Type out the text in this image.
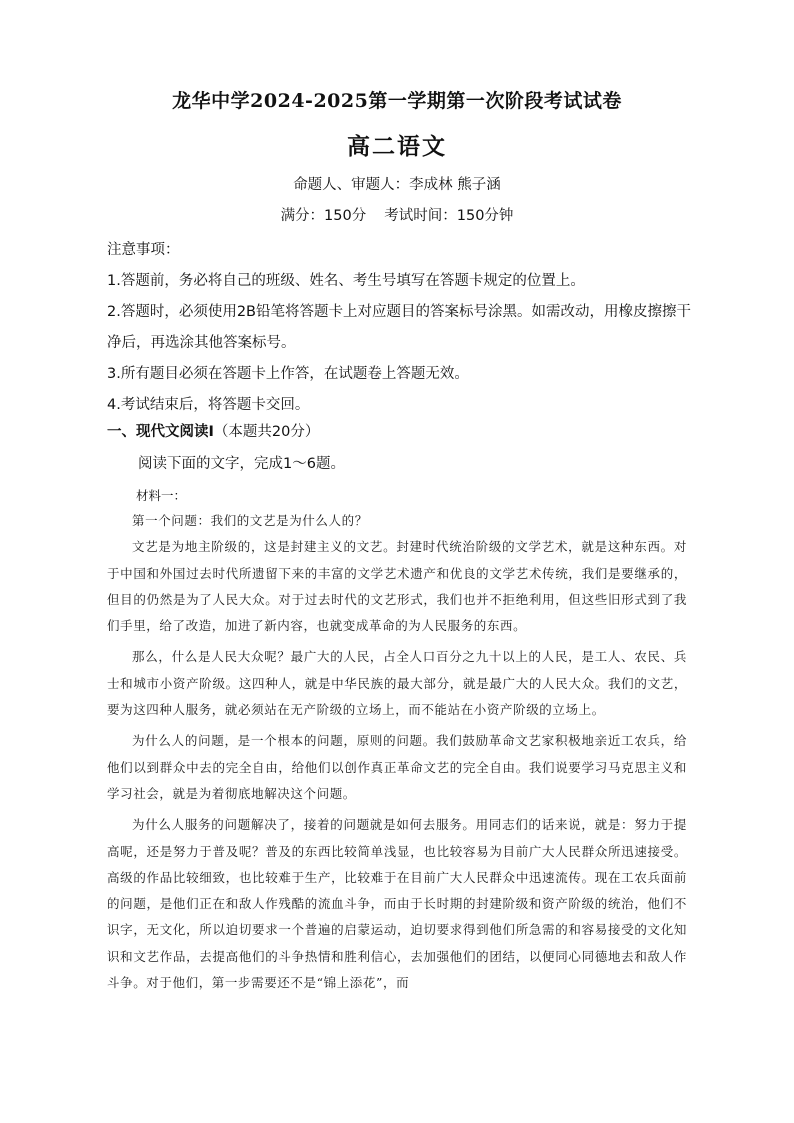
龙华中学2024-2025第一学期第一次阶段考试试卷
高二语文
命题人、审题人：李成林 熊子涵
满分：150分 考试时间：150分钟
注意事项：
1.答题前，务必将自己的班级、姓名、考生号填写在答题卡规定的位置上。
2.答题时，必须使用2B铅笔将答题卡上对应题目的答案标号涂黑。如需改动，用橡皮擦擦干净后，再选涂其他答案标号。
3.所有题目必须在答题卡上作答，在试题卷上答题无效。
4.考试结束后，将答题卡交回。
一、现代文阅读Ⅰ（本题共20分）
阅读下面的文字，完成1～6题。
材料一：

第一个问题：我们的文艺是为什么人的？

文艺是为地主阶级的，这是封建主义的文艺。封建时代统治阶级的文学艺术，就是这种东西。对于中国和外国过去时代所遗留下来的丰富的文学艺术遗产和优良的文学艺术传统，我们是要继承的，但目的仍然是为了人民大众。对于过去时代的文艺形式，我们也并不拒绝利用，但这些旧形式到了我们手里，给了改造，加进了新内容，也就变成革命的为人民服务的东西。

那么，什么是人民大众呢？最广大的人民，占全人口百分之九十以上的人民，是工人、农民、兵士和城市小资产阶级。这四种人，就是中华民族的最大部分，就是最广大的人民大众。我们的文艺，要为这四种人服务，就必须站在无产阶级的立场上，而不能站在小资产阶级的立场上。

为什么人的问题，是一个根本的问题，原则的问题。我们鼓励革命文艺家积极地亲近工农兵，给他们以到群众中去的完全自由，给他们以创作真正革命文艺的完全自由。我们说要学习马克思主义和学习社会，就是为着彻底地解决这个问题。

为什么人服务的问题解决了，接着的问题就是如何去服务。用同志们的话来说，就是：努力于提高呢，还是努力于普及呢？普及的东西比较简单浅显，也比较容易为目前广大人民群众所迅速接受。高级的作品比较细致，也比较难于生产，比较难于在目前广大人民群众中迅速流传。现在工农兵面前的问题，是他们正在和敌人作残酷的流血斗争，而由于长时期的封建阶级和资产阶级的统治，他们不识字，无文化，所以迫切要求一个普遍的启蒙运动，迫切要求得到他们所急需的和容易接受的文化知识和文艺作品，去提高他们的斗争热情和胜利信心，去加强他们的团结，以便同心同德地去和敌人作斗争。对于他们，第一步需要还不是“锦上添花”，而
